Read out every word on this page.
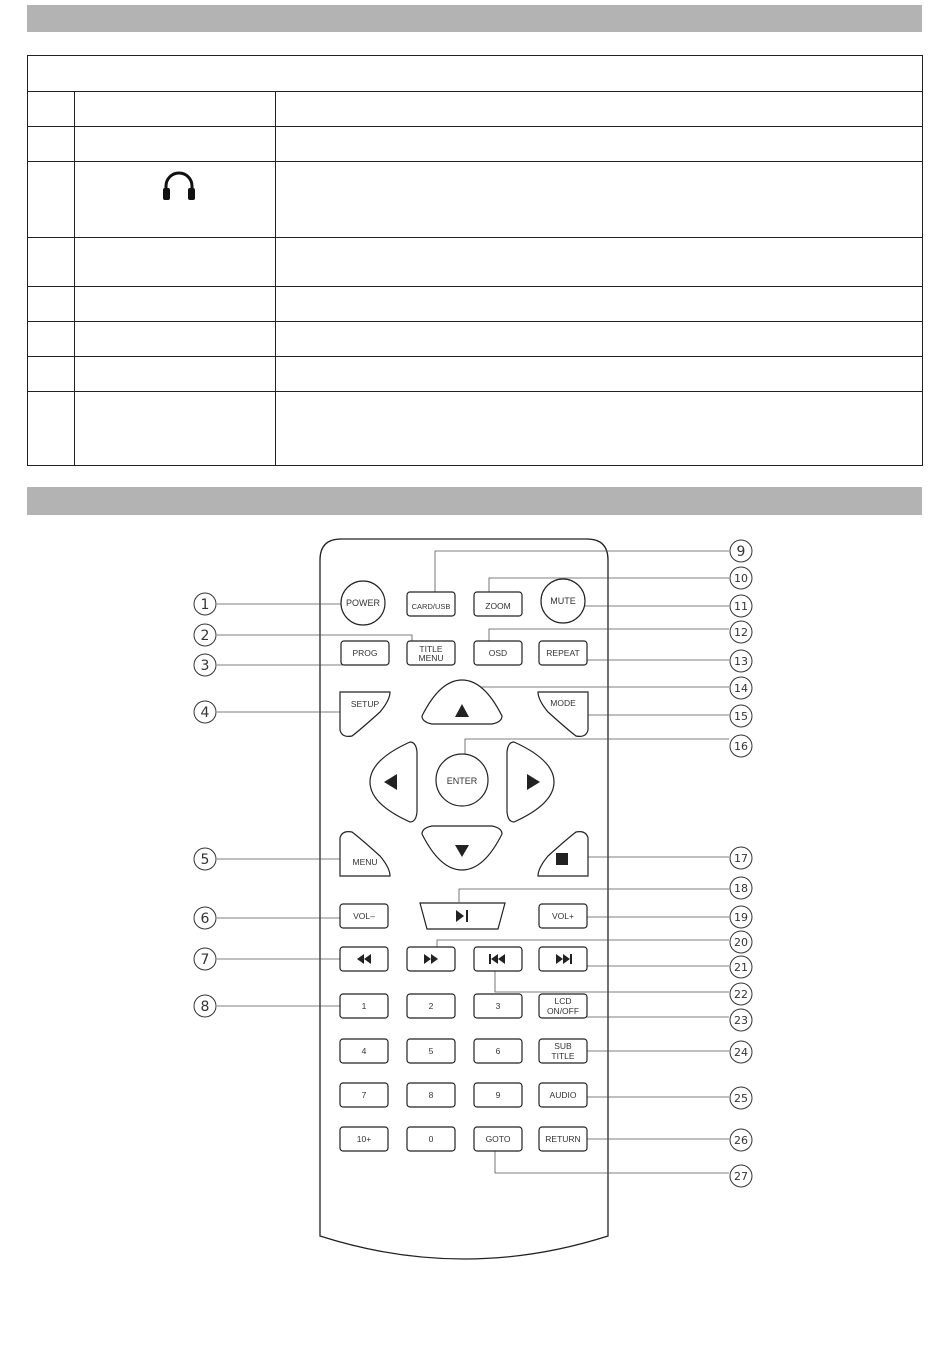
POWER	CARD/USB	ZOOM	MUTE
PROG	TITLE
MENU	OSD	REPEAT
SETUP	MODE
ENTER
MENU
VOL–	VOL+
1	2	3	LCD
ON/OFF
4	5	6	SUB
TITLE
7	8	9	AUDIO
10+	0	GOTO	RETURN
1
2
3
4
5
6
7
8
9
10
11
12
13
14
15
16
17
18
19
20
21
22
23
24
25
26
27
